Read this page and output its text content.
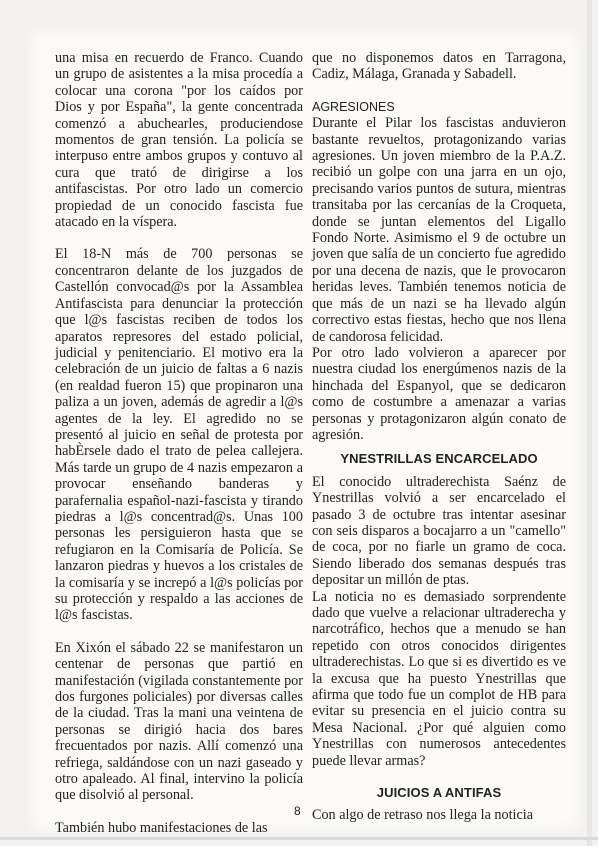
una misa en recuerdo de Franco. Cuando un grupo de asistentes a la misa procedía a colocar una corona "por los caídos por Dios y por España", la gente concentrada comenzó a abuchearles, produciendose momentos de gran tensión. La policía se interpuso entre ambos grupos y contuvo al cura que trató de dirigirse a los antifascistas. Por otro lado un comercio propiedad de un conocido fascista fue atacado en la víspera.

El 18-N más de 700 personas se concentraron delante de los juzgados de Castellón convocad@s por la Assamblea Antifascista para denunciar la protección que l@s fascistas reciben de todos los aparatos represores del estado policial, judicial y penitenciario. El motivo era la celebración de un juicio de faltas a 6 nazis (en realdad fueron 15) que propinaron una paliza a un joven, además de agredir a l@s agentes de la ley. El agredido no se presentó al juicio en señal de protesta por habÈrsele dado el trato de pelea callejera. Más tarde un grupo de 4 nazis empezaron a provocar enseñando banderas y parafernalia español-nazi-fascista y tirando piedras a l@s concentrad@s. Unas 100 personas les persiguieron hasta que se refugiaron en la Comisaría de Policía. Se lanzaron piedras y huevos a los cristales de la comisaría y se increpó a l@s policías por su protección y respaldo a las acciones de l@s fascistas.

En Xixón el sábado 22 se manifestaron un centenar de personas que partió en manifestación (vigilada constantemente por dos furgones policiales) por diversas calles de la ciudad. Tras la mani una veintena de personas se dirigió hacia dos bares frecuentados por nazis. Allí comenzó una refriega, saldándose con un nazi gaseado y otro apaleado. Al final, intervino la policía que disolvió al personal.

También hubo manifestaciones de las

que no disponemos datos en Tarragona, Cadiz, Málaga, Granada y Sabadell.

AGRESIONES

Durante el Pilar los fascistas anduvieron bastante revueltos, protagonizando varias agresiones. Un joven miembro de la P.A.Z. recibió un golpe con una jarra en un ojo, precisando varios puntos de sutura, mientras transitaba por las cercanías de la Croqueta, donde se juntan elementos del Ligallo Fondo Norte. Asimismo el 9 de octubre un joven que salía de un concierto fue agredido por una decena de nazis, que le provocaron heridas leves. También tenemos noticia de que más de un nazi se ha llevado algún correctivo estas fiestas, hecho que nos llena de candorosa felicidad.

Por otro lado volvieron a aparecer por nuestra ciudad los energúmenos nazis de la hinchada del Espanyol, que se dedicaron como de costumbre a amenazar a varias personas y protagonizaron algún conato de agresión.

YNESTRILLAS ENCARCELADO

El conocido ultraderechista Saénz de Ynestrillas volvió a ser encarcelado el pasado 3 de octubre tras intentar asesinar con seis disparos a bocajarro a un "camello" de coca, por no fiarle un gramo de coca. Siendo liberado dos semanas después tras depositar un millón de ptas.

La noticia no es demasiado sorprendente dado que vuelve a relacionar ultraderecha y narcotráfico, hechos que a menudo se han repetido con otros conocidos dirigentes ultraderechistas. Lo que si es divertido es ve la excusa que ha puesto Ynestrillas que afirma que todo fue un complot de HB para evitar su presencia en el juicio contra su Mesa Nacional. ¿Por qué alguien como Ynestrillas con numerosos antecedentes puede llevar armas?

JUICIOS A ANTIFAS

Con algo de retraso nos llega la noticia

8
